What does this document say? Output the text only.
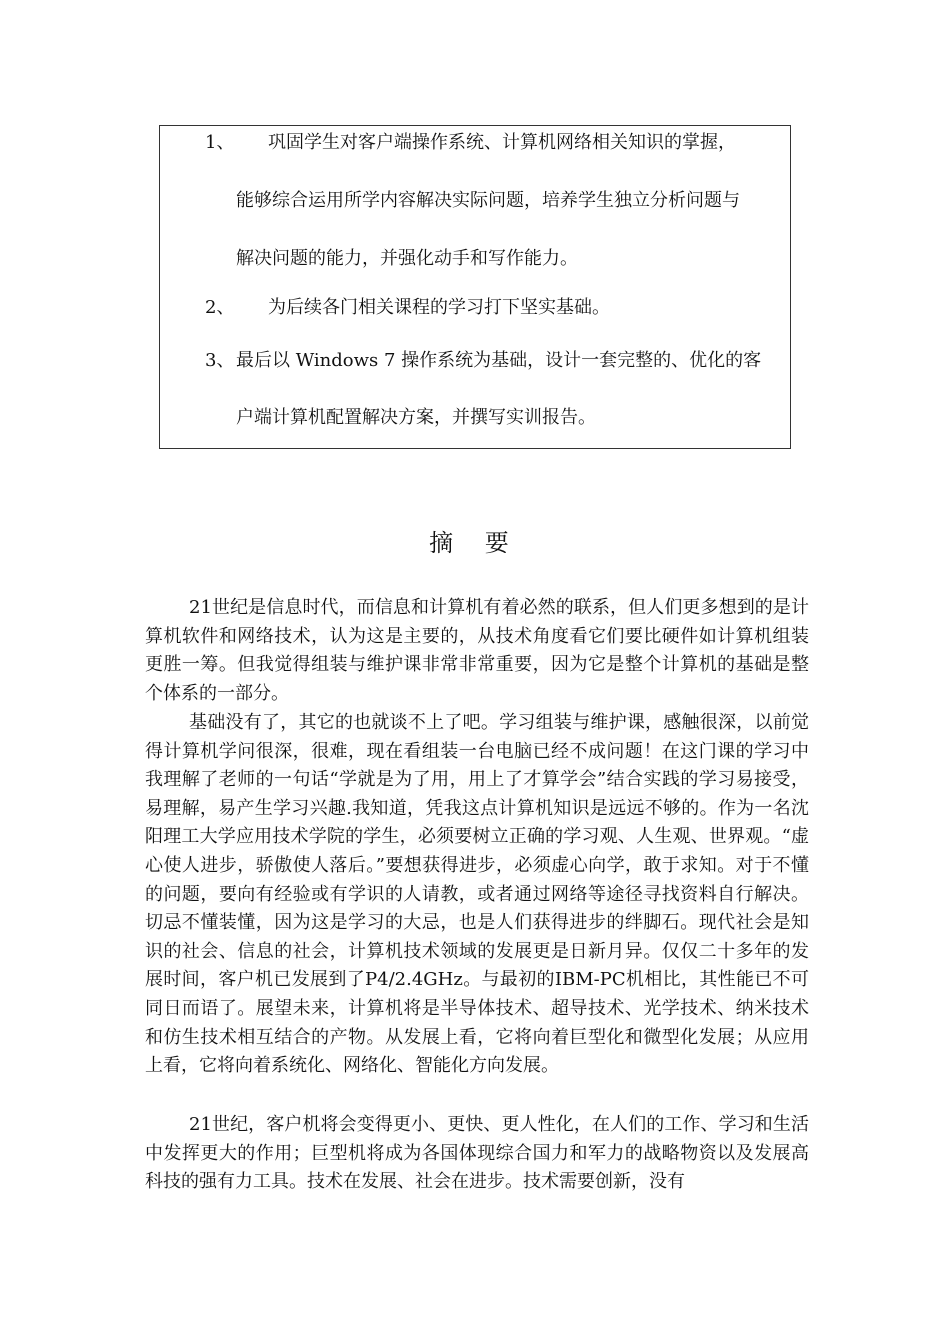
1、 巩固学生对客户端操作系统、计算机网络相关知识的掌握，
能够综合运用所学内容解决实际问题，培养学生独立分析问题与
解决问题的能力，并强化动手和写作能力。
2、 为后续各门相关课程的学习打下坚实基础。
3、 最后以 Windows 7 操作系统为基础，设计一套完整的、优化的客
户端计算机配置解决方案，并撰写实训报告。
摘 要

21世纪是信息时代，而信息和计算机有着必然的联系，但人们更多想到的是计算机软件和网络技术，认为这是主要的，从技术角度看它们要比硬件如计算机组装更胜一筹。但我觉得组装与维护课非常非常重要，因为它是整个计算机的基础是整个体系的一部分。

基础没有了，其它的也就谈不上了吧。学习组装与维护课，感触很深，以前觉得计算机学问很深，很难，现在看组装一台电脑已经不成问题！在这门课的学习中我理解了老师的一句话“学就是为了用，用上了才算学会”结合实践的学习易接受，易理解，易产生学习兴趣.我知道，凭我这点计算机知识是远远不够的。作为一名沈阳理工大学应用技术学院的学生，必须要树立正确的学习观、人生观、世界观。“虚心使人进步，骄傲使人落后。”要想获得进步，必须虚心向学，敢于求知。对于不懂的问题，要向有经验或有学识的人请教，或者通过网络等途径寻找资料自行解决。切忌不懂装懂，因为这是学习的大忌，也是人们获得进步的绊脚石。现代社会是知识的社会、信息的社会，计算机技术领域的发展更是日新月异。仅仅二十多年的发展时间，客户机已发展到了P4/2.4GHz。与最初的IBM-PC机相比，其性能已不可同日而语了。展望未来，计算机将是半导体技术、超导技术、光学技术、纳米技术和仿生技术相互结合的产物。从发展上看，它将向着巨型化和微型化发展；从应用上看，它将向着系统化、网络化、智能化方向发展。

21世纪，客户机将会变得更小、更快、更人性化，在人们的工作、学习和生活中发挥更大的作用；巨型机将成为各国体现综合国力和军力的战略物资以及发展高科技的强有力工具。技术在发展、社会在进步。技术需要创新，没有
